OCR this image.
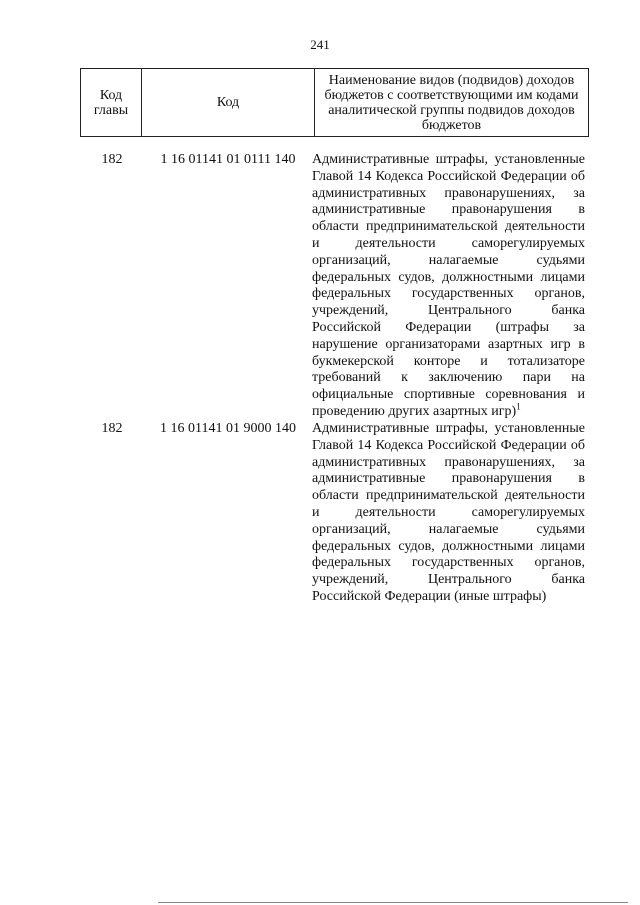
241
Код главы	Код	Наименование видов (подвидов) доходов бюджетов с соответствующими им кодами аналитической группы подвидов доходов бюджетов
182	1 16 01141 01 0111 140	Административные штрафы, установленные Главой 14 Кодекса Российской Федерации об административных правонарушениях, за административные правонарушения в области предпринимательской деятельности и деятельности саморегулируемых организаций, налагаемые судьями федеральных судов, должностными лицами федеральных государственных органов, учреждений, Центрального банка Российской Федерации (штрафы за нарушение организаторами азартных игр в букмекерской конторе и тотализаторе требований к заключению пари на официальные спортивные соревнования и проведению других азартных игр)$^1$
182	1 16 01141 01 9000 140	Административные штрафы, установленные Главой 14 Кодекса Российской Федерации об административных правонарушениях, за административные правонарушения в области предпринимательской деятельности и деятельности саморегулируемых организаций, налагаемые судьями федеральных судов, должностными лицами федеральных государственных органов, учреждений, Центрального банка Российской Федерации (иные штрафы)
